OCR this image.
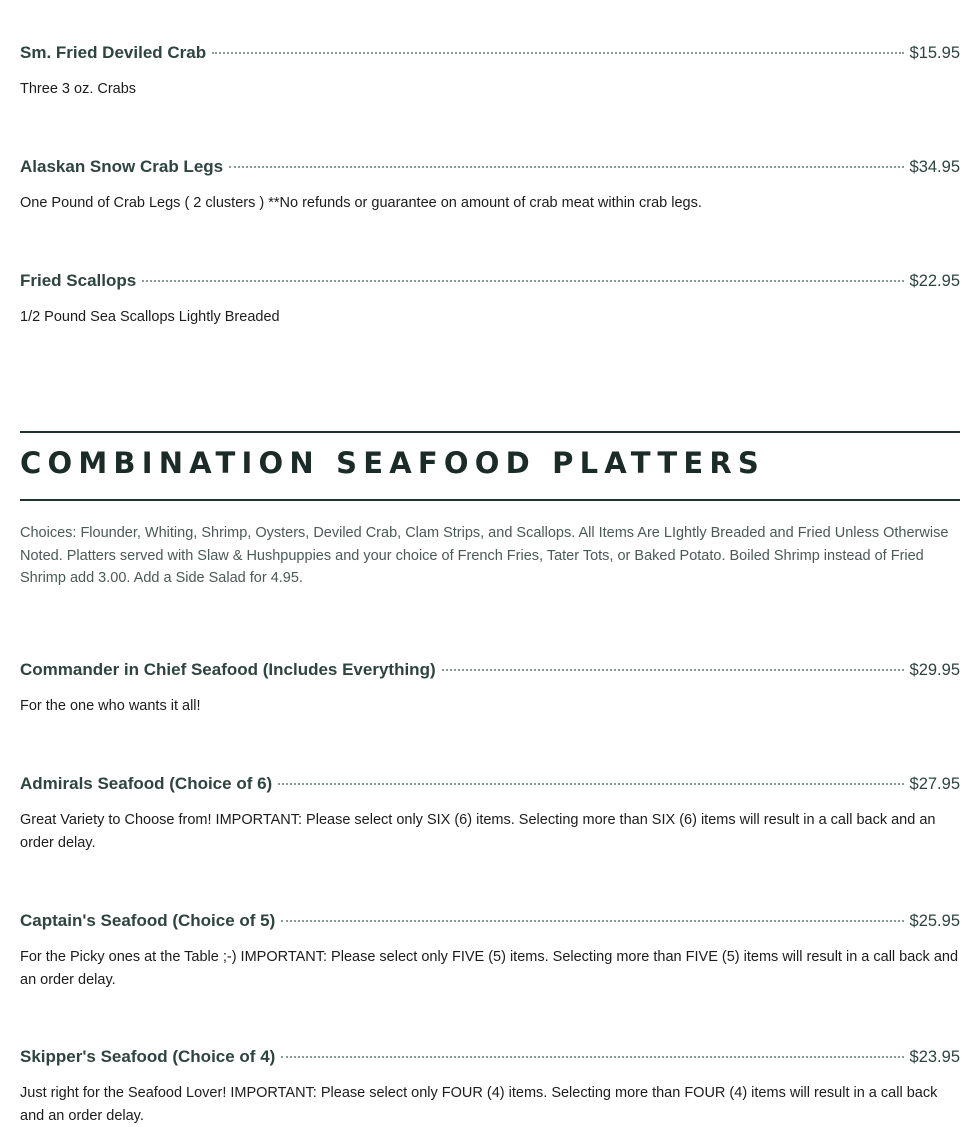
Sm. Fried Deviled Crab	$15.95
Three 3 oz. Crabs
Alaskan Snow Crab Legs	$34.95
One Pound of Crab Legs ( 2 clusters ) **No refunds or guarantee on amount of crab meat within crab legs.
Fried Scallops	$22.95
1/2 Pound Sea Scallops Lightly Breaded
COMBINATION SEAFOOD PLATTERS
Choices: Flounder, Whiting, Shrimp, Oysters, Deviled Crab, Clam Strips, and Scallops. All Items Are LIghtly Breaded and Fried Unless Otherwise Noted. Platters served with Slaw & Hushpuppies and your choice of French Fries, Tater Tots, or Baked Potato. Boiled Shrimp instead of Fried Shrimp add 3.00. Add a Side Salad for 4.95.
Commander in Chief Seafood (Includes Everything)	$29.95
For the one who wants it all!
Admirals Seafood (Choice of 6)	$27.95
Great Variety to Choose from! IMPORTANT: Please select only SIX (6) items. Selecting more than SIX (6) items will result in a call back and an order delay.
Captain's Seafood (Choice of 5)	$25.95
For the Picky ones at the Table ;-) IMPORTANT: Please select only FIVE (5) items. Selecting more than FIVE (5) items will result in a call back and an order delay.
Skipper's Seafood (Choice of 4)	$23.95
Just right for the Seafood Lover! IMPORTANT: Please select only FOUR (4) items. Selecting more than FOUR (4) items will result in a call back and an order delay.
